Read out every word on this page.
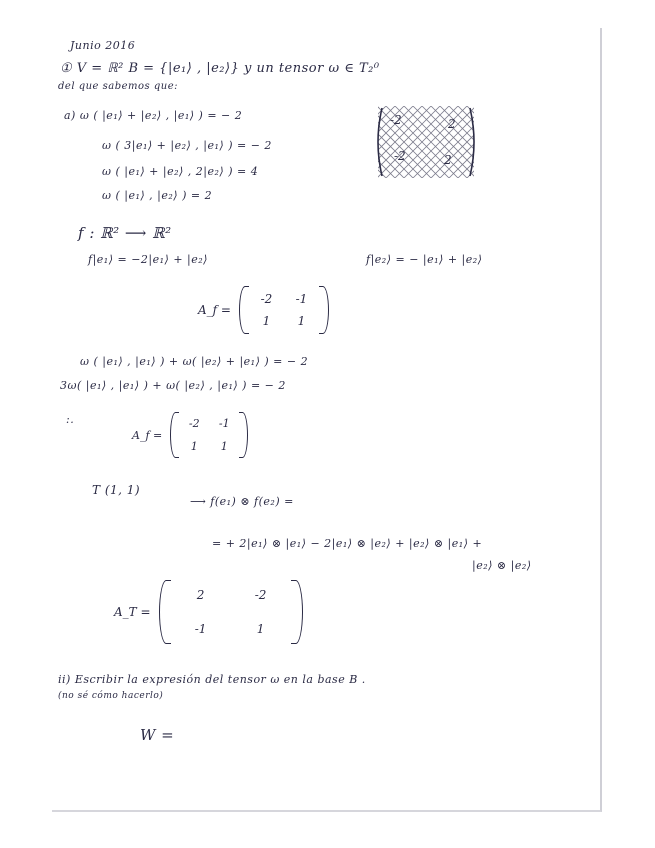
Junio 2016
① V = ℝ² B = {|e₁⟩ , |e₂⟩} y un tensor ω ∈ T₂⁰
del que sabemos que:
a) ω ( |e₁⟩ + |e₂⟩ , |e₁⟩ ) = − 2
ω ( 3|e₁⟩ + |e₂⟩ , |e₁⟩ ) = − 2
ω ( |e₁⟩ + |e₂⟩ , 2|e₂⟩ ) = 4
ω ( |e₁⟩ , |e₂⟩ ) = 2
-2	2
-2	2
f : ℝ² ⟶ ℝ²
f|e₁⟩ = −2|e₁⟩ + |e₂⟩	f|e₂⟩ = − |e₁⟩ + |e₂⟩
A_f =
-2	-1
1	1
ω ( |e₁⟩ , |e₁⟩ ) + ω( |e₂⟩ + |e₁⟩ ) = − 2
3ω( |e₁⟩ , |e₁⟩ ) + ω( |e₂⟩ , |e₁⟩ ) = − 2
:.
A_f =
-2	-1
1	1
T (1, 1)
⟶ f(e₁) ⊗ f(e₂) =
= + 2|e₁⟩ ⊗ |e₁⟩ − 2|e₁⟩ ⊗ |e₂⟩ + |e₂⟩ ⊗ |e₁⟩ +
|e₂⟩ ⊗ |e₂⟩
A_T =
2	-2
-1	1
ii) Escribir la expresión del tensor ω en la base B .
(no sé cómo hacerlo)
W =
